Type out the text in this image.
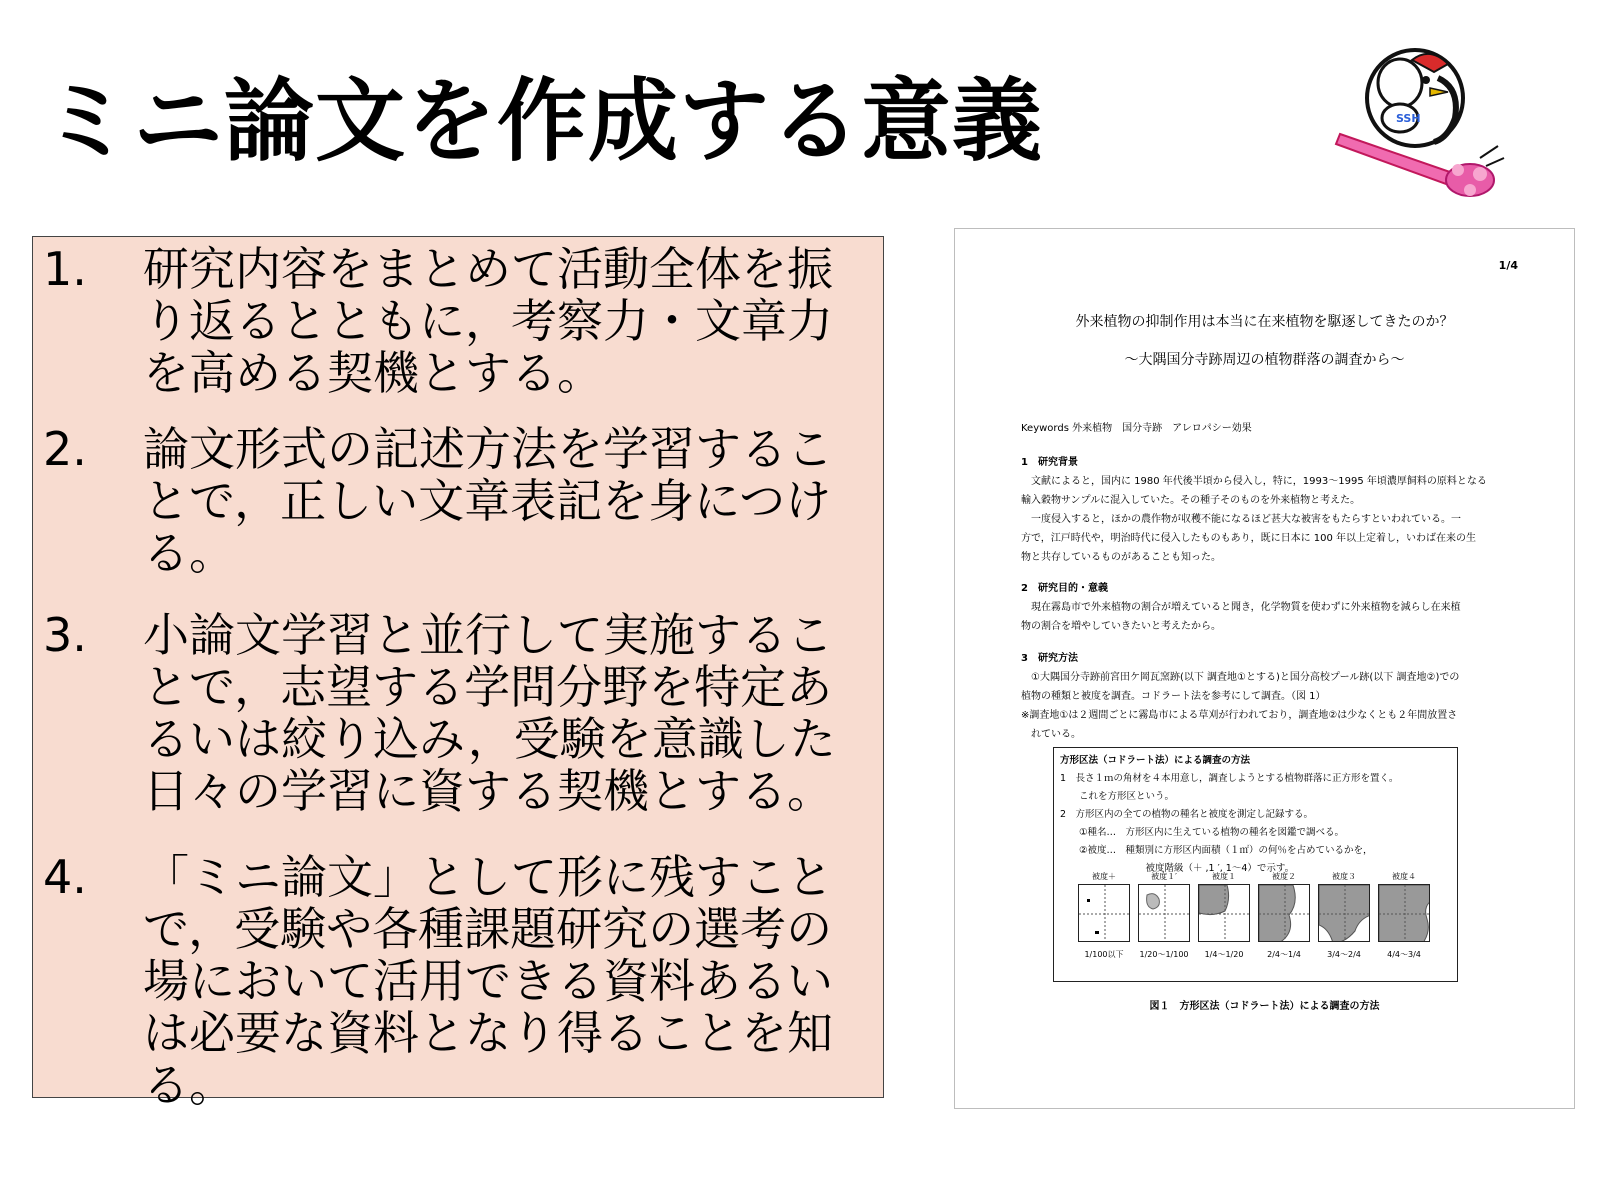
ミニ論文を作成する意義	SSH
1.	研究内容をまとめて活動全体を振り返るとともに，考察力・文章力を高める契機とする。
2.	論文形式の記述方法を学習することで，正しい文章表記を身につける。
3.	小論文学習と並行して実施することで，志望する学問分野を特定あるいは絞り込み，受験を意識した日々の学習に資する契機とする。
4.	「ミニ論文」として形に残すことで，受験や各種課題研究の選考の場において活用できる資料あるいは必要な資料となり得ることを知る。
1/4
外来植物の抑制作用は本当に在来植物を駆逐してきたのか？
～大隅国分寺跡周辺の植物群落の調査から～
Keywords 外来植物　国分寺跡　アレロパシー効果

1　研究背景

　文献によると，国内に 1980 年代後半頃から侵入し，特に，1993～1995 年頃濃厚飼料の原料となる

輸入穀物サンプルに混入していた。その種子そのものを外来植物と考えた。

　一度侵入すると，ほかの農作物が収穫不能になるほど甚大な被害をもたらすといわれている。一

方で，江戸時代や，明治時代に侵入したものもあり，既に日本に 100 年以上定着し，いわば在来の生

物と共存しているものがあることも知った。

2　研究目的・意義

　現在霧島市で外来植物の割合が増えていると聞き，化学物質を使わずに外来植物を減らし在来植

物の割合を増やしていきたいと考えたから。

3　研究方法

　①大隅国分寺跡前宮田ケ岡瓦窯跡(以下 調査地①とする)と国分高校プール跡(以下 調査地②)での

植物の種類と被度を調査。コドラート法を参考にして調査。（図 1）

※調査地①は２週間ごとに霧島市による草刈が行われており，調査地②は少なくとも２年間放置さ

　れている。

方形区法（コドラート法）による調査の方法
1　長さ１ｍの角材を４本用意し，調査しようとする植物群落に正方形を置く。
　　これを方形区という。
2　方形区内の全ての植物の種名と被度を測定し記録する。
　　①種名…　方形区内に生えている植物の種名を図鑑で調べる。
　　②被度…　種類別に方形区内面積（１㎡）の何％を占めているかを，
　　　　　　　　　被度階級（＋ ,1 ′, 1～4）で示す。
被度＋
1/100以下
被度１′
1/20～1/100
被度１
1/4～1/20
被度２
2/4～1/4
被度３
3/4～2/4
被度４
4/4～3/4
図１　方形区法（コドラート法）による調査の方法
